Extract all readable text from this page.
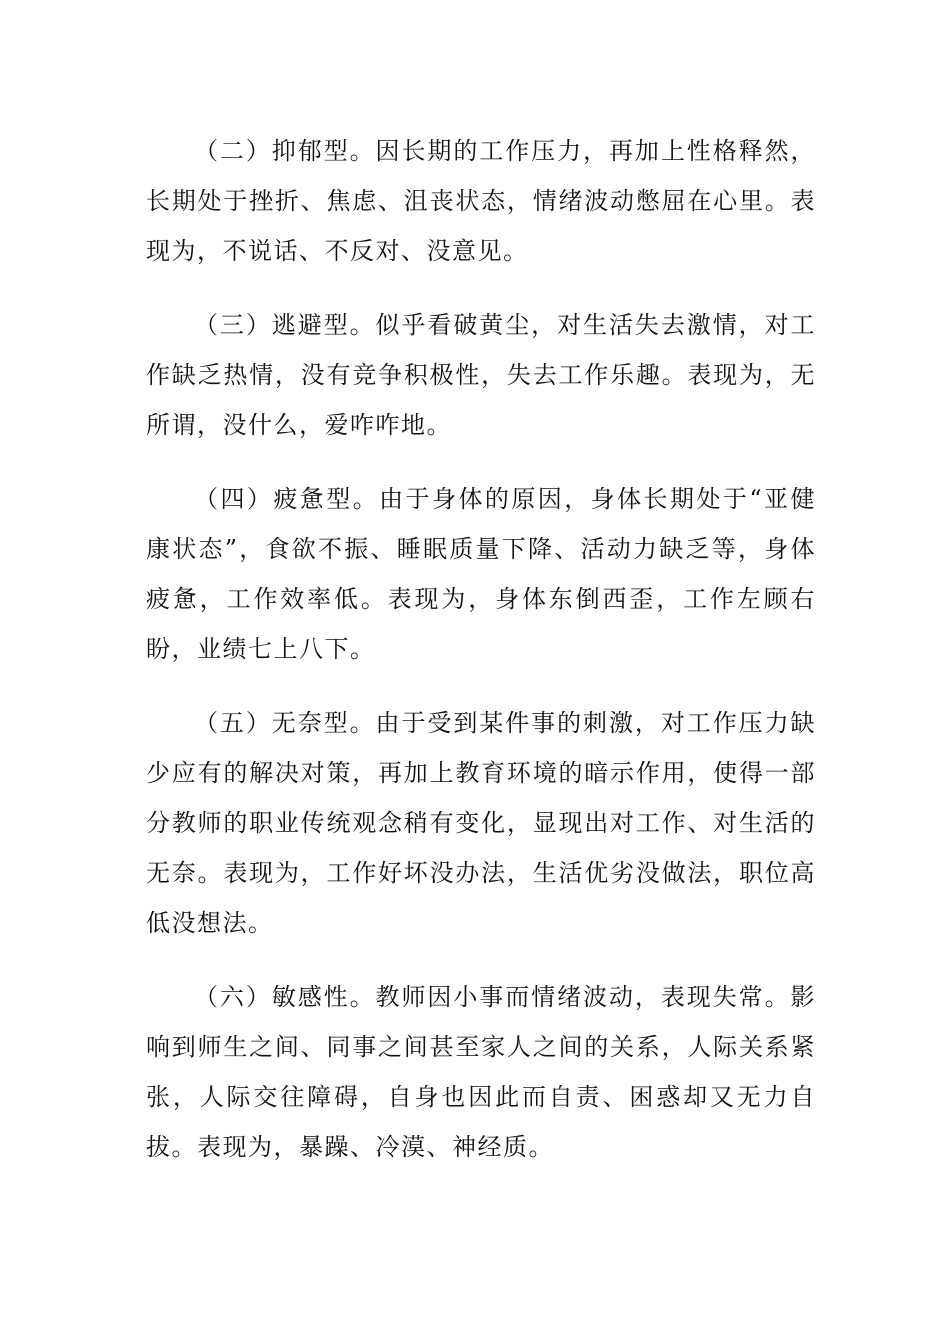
（二）抑郁型。因长期的工作压力，再加上性格释然，长期处于挫折、焦虑、沮丧状态，情绪波动憋屈在心里。表现为，不说话、不反对、没意见。

（三）逃避型。似乎看破黄尘，对生活失去激情，对工作缺乏热情，没有竞争积极性，失去工作乐趣。表现为，无所谓，没什么，爱咋咋地。

（四）疲惫型。由于身体的原因，身体长期处于“亚健康状态”，食欲不振、睡眠质量下降、活动力缺乏等，身体疲惫，工作效率低。表现为，身体东倒西歪，工作左顾右盼，业绩七上八下。

（五）无奈型。由于受到某件事的刺激，对工作压力缺少应有的解决对策，再加上教育环境的暗示作用，使得一部分教师的职业传统观念稍有变化，显现出对工作、对生活的无奈。表现为，工作好坏没办法，生活优劣没做法，职位高低没想法。

（六）敏感性。教师因小事而情绪波动，表现失常。影响到师生之间、同事之间甚至家人之间的关系，人际关系紧张，人际交往障碍，自身也因此而自责、困惑却又无力自拔。表现为，暴躁、冷漠、神经质。
